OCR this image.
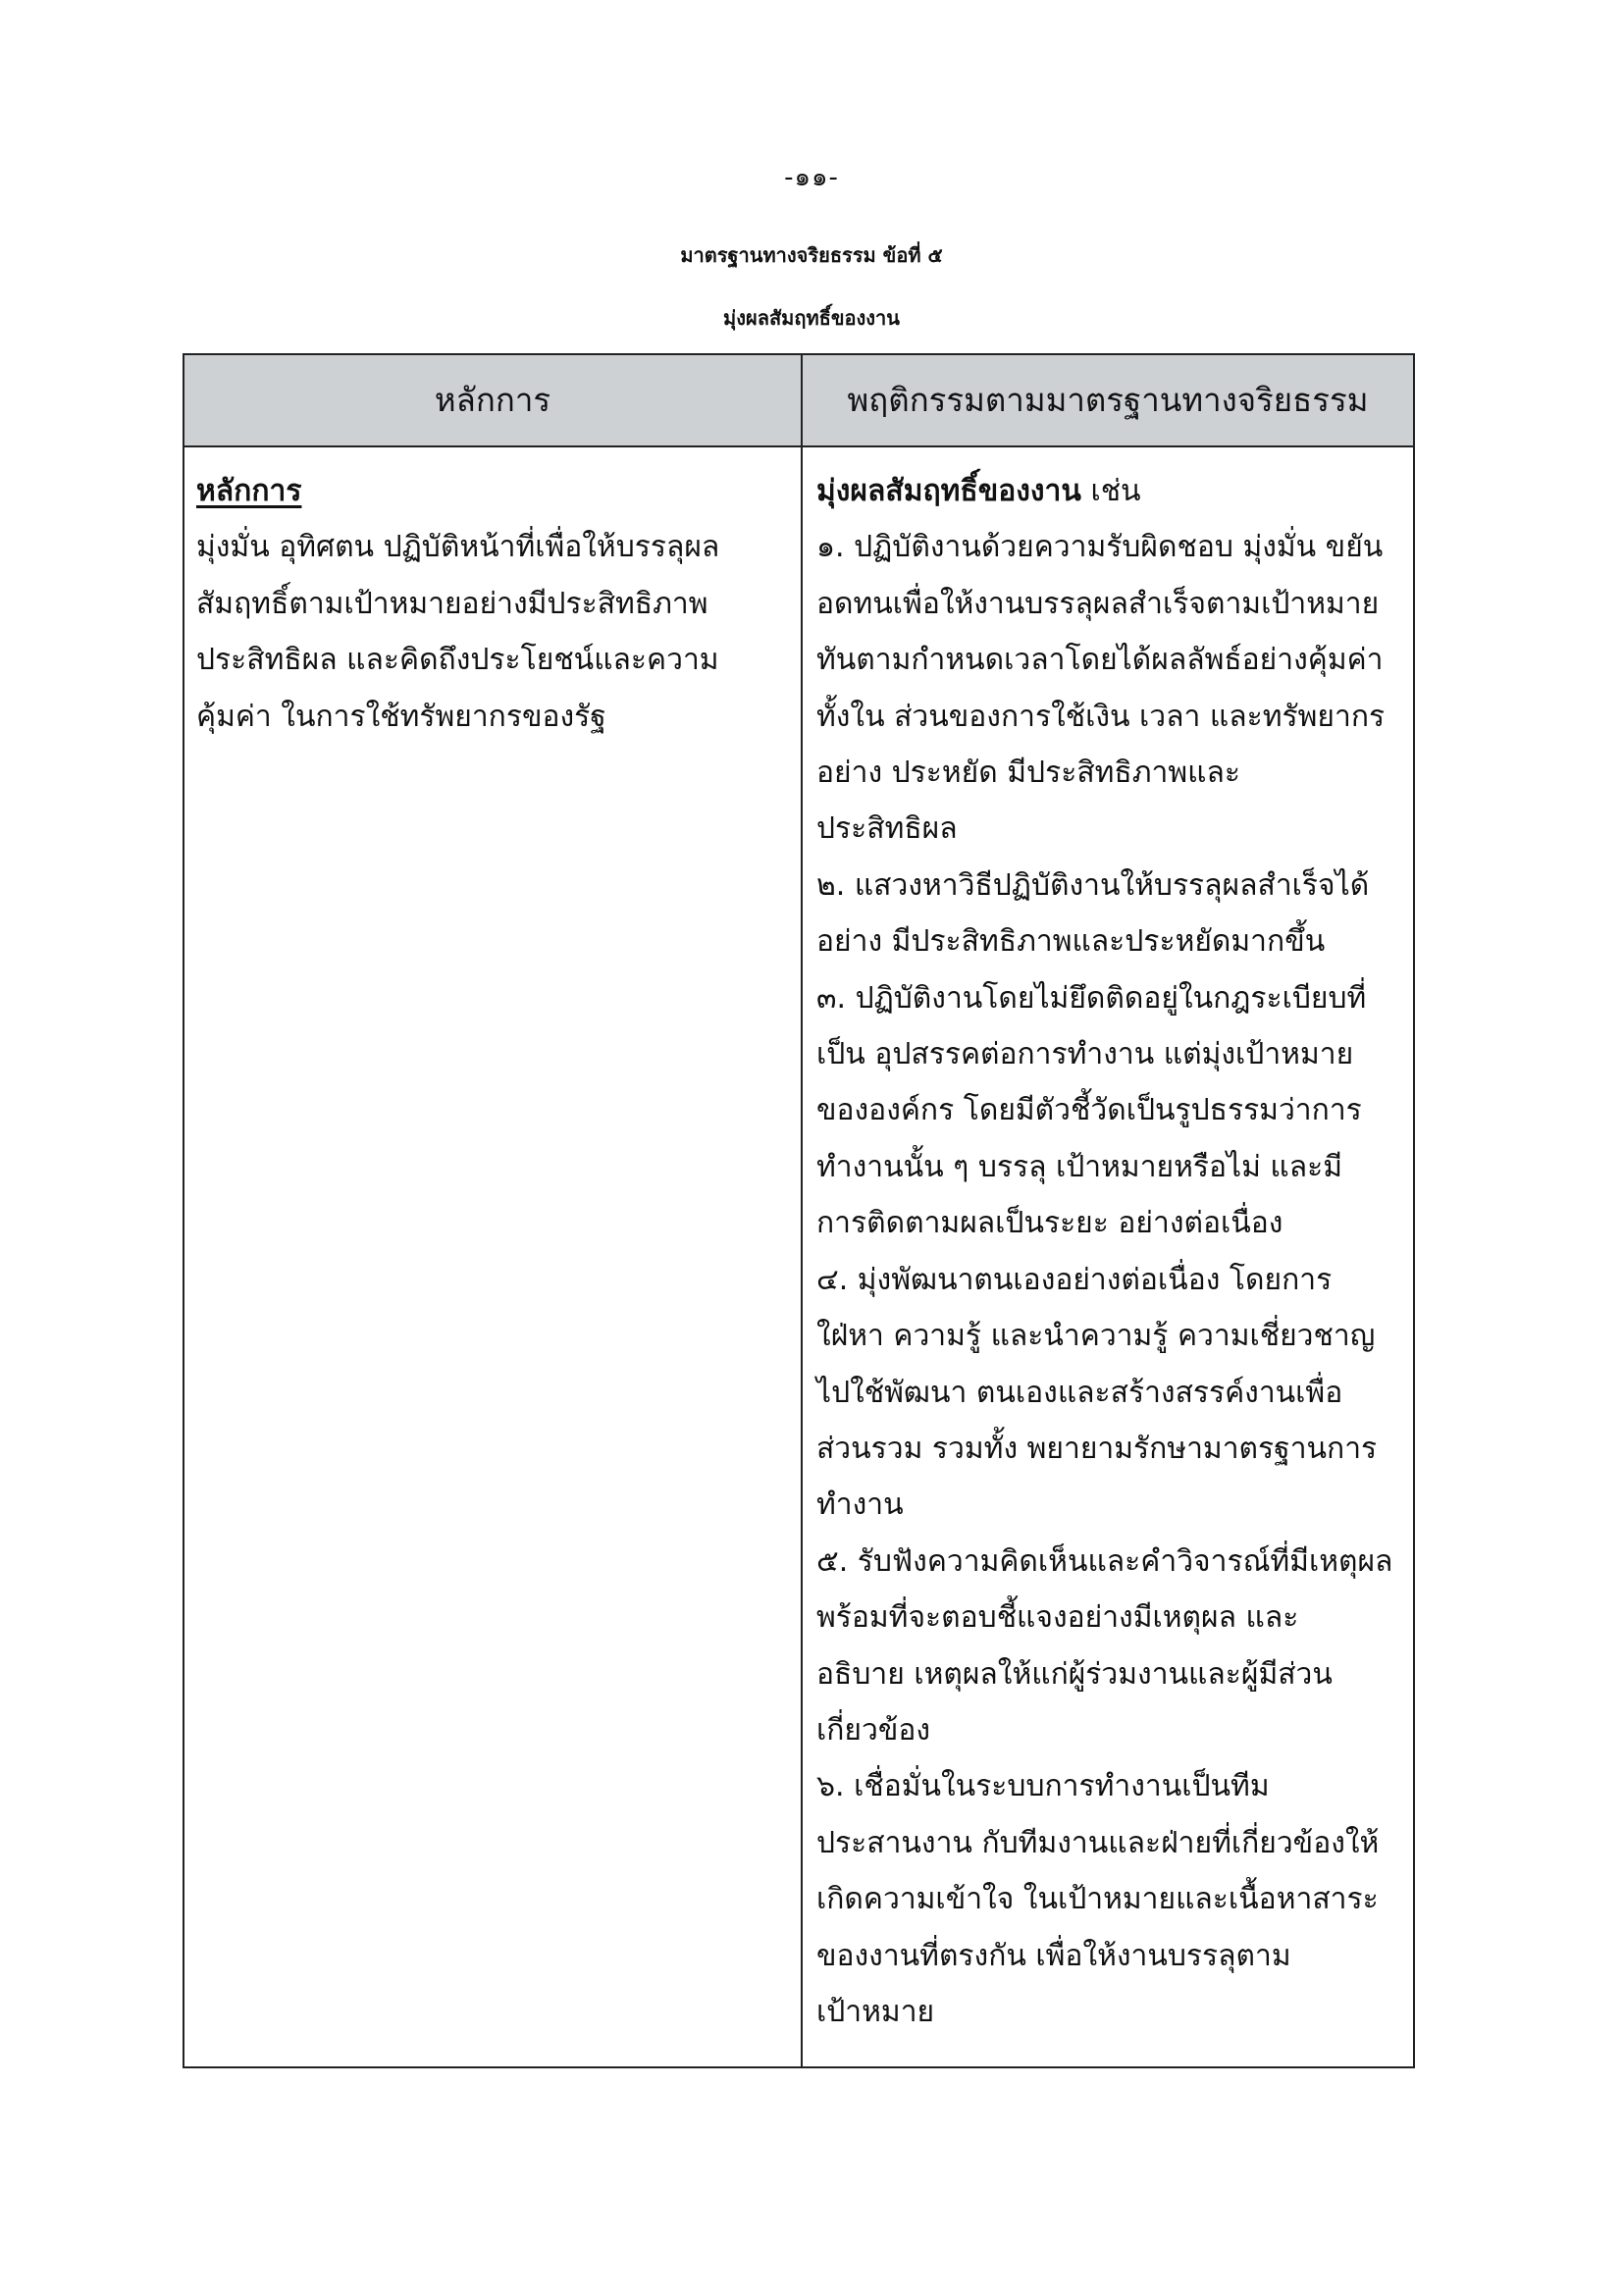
-๑๑-
มาตรฐานทางจริยธรรม ข้อที่ ๕
มุ่งผลสัมฤทธิ์ของงาน
หลักการ	พฤติกรรมตามมาตรฐานทางจริยธรรม
หลักการ
มุ่งมั่น อุทิศตน ปฏิบัติหน้าที่เพื่อให้บรรลุผล
สัมฤทธิ์ตามเป้าหมายอย่างมีประสิทธิภาพ
ประสิทธิผล และคิดถึงประโยชน์และความ
คุ้มค่า ในการใช้ทรัพยากรของรัฐ
มุ่งผลสัมฤทธิ์ของงาน เช่น
๑. ปฏิบัติงานด้วยความรับผิดชอบ มุ่งมั่น ขยัน
อดทนเพื่อให้งานบรรลุผลสำเร็จตามเป้าหมาย
ทันตามกำหนดเวลาโดยได้ผลลัพธ์อย่างคุ้มค่า
ทั้งใน ส่วนของการใช้เงิน เวลา และทรัพยากร
อย่าง ประหยัด มีประสิทธิภาพและ
ประสิทธิผล
๒. แสวงหาวิธีปฏิบัติงานให้บรรลุผลสำเร็จได้
อย่าง มีประสิทธิภาพและประหยัดมากขึ้น
๓. ปฏิบัติงานโดยไม่ยึดติดอยู่ในกฎระเบียบที่
เป็น อุปสรรคต่อการทำงาน แต่มุ่งเป้าหมาย
ขององค์กร โดยมีตัวชี้วัดเป็นรูปธรรมว่าการ
ทำงานนั้น ๆ บรรลุ เป้าหมายหรือไม่ และมี
การติดตามผลเป็นระยะ อย่างต่อเนื่อง
๔. มุ่งพัฒนาตนเองอย่างต่อเนื่อง โดยการ
ใฝ่หา ความรู้ และนำความรู้ ความเชี่ยวชาญ
ไปใช้พัฒนา ตนเองและสร้างสรรค์งานเพื่อ
ส่วนรวม รวมทั้ง พยายามรักษามาตรฐานการ
ทำงาน
๕. รับฟังความคิดเห็นและคำวิจารณ์ที่มีเหตุผล
พร้อมที่จะตอบชี้แจงอย่างมีเหตุผล และ
อธิบาย เหตุผลให้แก่ผู้ร่วมงานและผู้มีส่วน
เกี่ยวข้อง
๖. เชื่อมั่นในระบบการทำงานเป็นทีม
ประสานงาน กับทีมงานและฝ่ายที่เกี่ยวข้องให้
เกิดความเข้าใจ ในเป้าหมายและเนื้อหาสาระ
ของงานที่ตรงกัน เพื่อให้งานบรรลุตาม
เป้าหมาย
